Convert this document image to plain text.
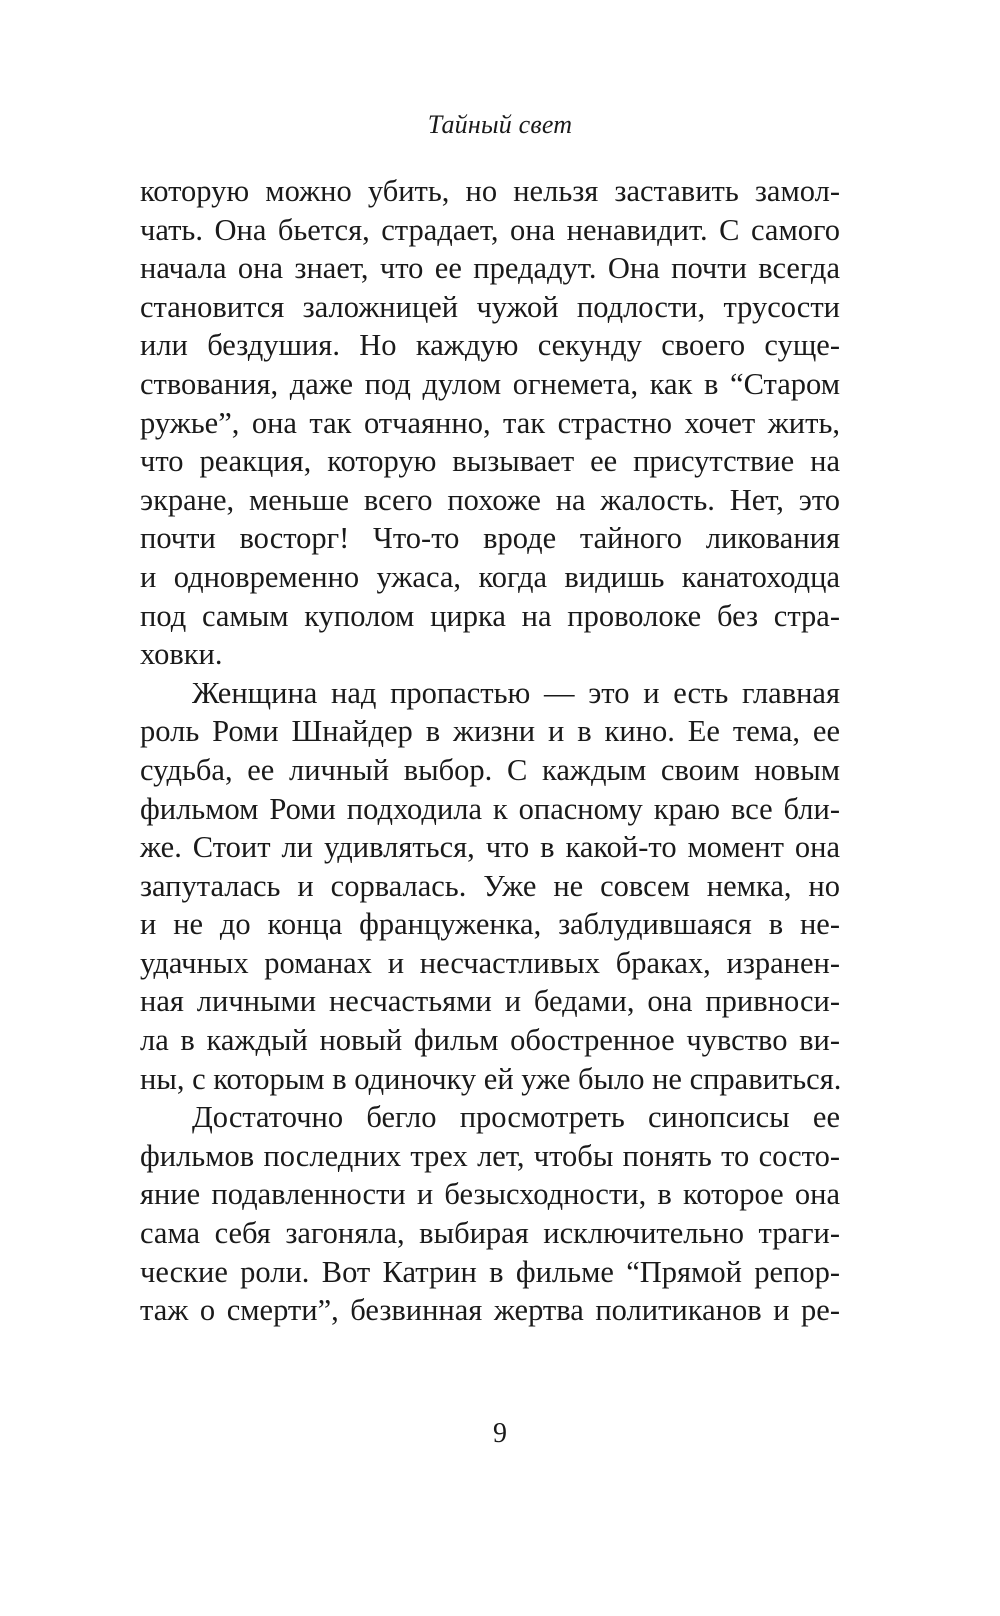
Тайный свет
которую можно убить, но нельзя заставить замол-
чать. Она бьется, страдает, она ненавидит. С самого
начала она знает, что ее предадут. Она почти всегда
становится заложницей чужой подлости, трусости
или бездушия. Но каждую секунду своего суще-
ствования, даже под дулом огнемета, как в “Старом
ружье”, она так отчаянно, так страстно хочет жить,
что реакция, которую вызывает ее присутствие на
экране, меньше всего похоже на жалость. Нет, это
почти восторг! Что-то вроде тайного ликования
и одновременно ужаса, когда видишь канатоходца
под самым куполом цирка на проволоке без стра-
ховки.
Женщина над пропастью — это и есть главная
роль Роми Шнайдер в жизни и в кино. Ее тема, ее
судьба, ее личный выбор. С каждым своим новым
фильмом Роми подходила к опасному краю все бли-
же. Стоит ли удивляться, что в какой-то момент она
запуталась и сорвалась. Уже не совсем немка, но
и не до конца француженка, заблудившаяся в не-
удачных романах и несчастливых браках, изранен-
ная личными несчастьями и бедами, она привноси-
ла в каждый новый фильм обостренное чувство ви-
ны, с которым в одиночку ей уже было не справиться.
Достаточно бегло просмотреть синопсисы ее
фильмов последних трех лет, чтобы понять то состо-
яние подавленности и безысходности, в которое она
сама себя загоняла, выбирая исключительно траги-
ческие роли. Вот Катрин в фильме “Прямой репор-
таж о смерти”, безвинная жертва политиканов и ре-
9
